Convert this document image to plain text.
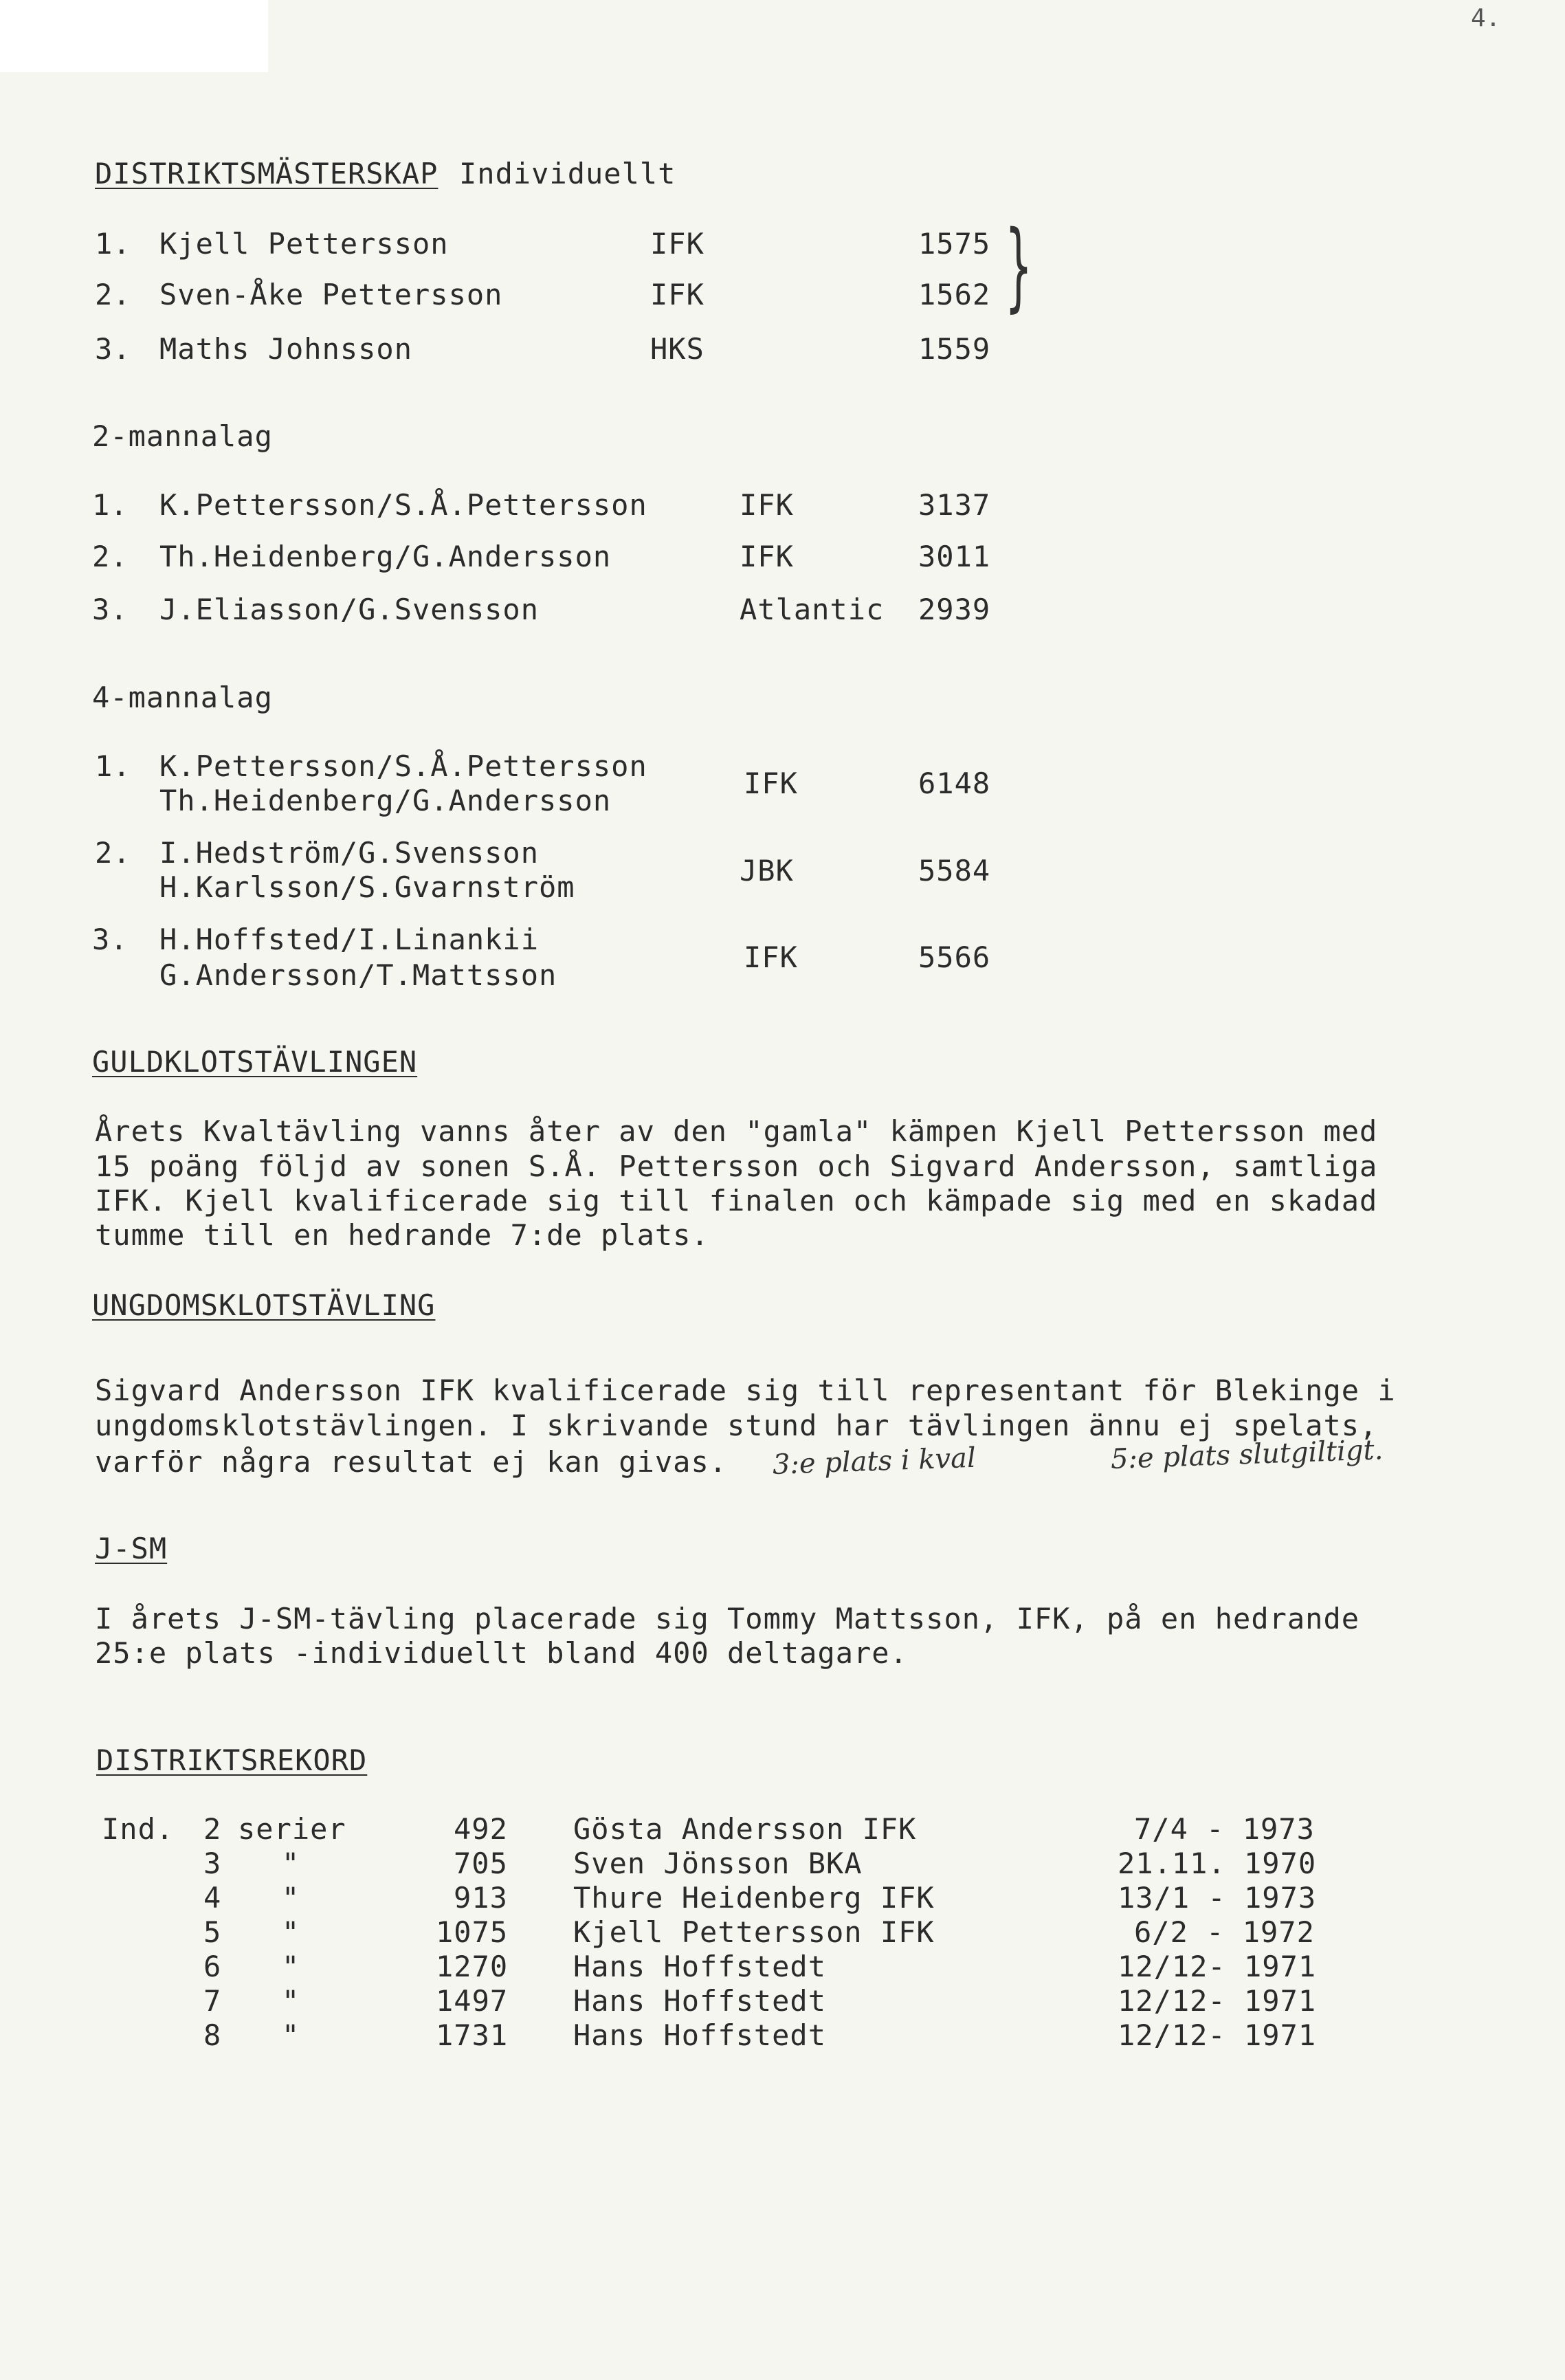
4.
DISTRIKTSMÄSTERSKAP Individuellt
1. Kjell Pettersson	IFK	1575
2. Sven-Åke Pettersson	IFK	1562
3. Maths Johnsson	HKS	1559
}
2-mannalag
1. K.Pettersson/S.Å.Pettersson	IFK	3137
2. Th.Heidenberg/G.Andersson	IFK	3011
3. J.Eliasson/G.Svensson	Atlantic 2939
4-mannalag
1. K.Pettersson/S.Å.Pettersson
Th.Heidenberg/G.Andersson
IFK	6148
2. I.Hedström/G.Svensson
H.Karlsson/S.Gvarnström	JBK	5584
3. H.Hoffsted/I.Linankii
G.Andersson/T.Mattsson
IFK	5566
GULDKLOTSTÄVLINGEN
Årets Kvaltävling vanns åter av den "gamla" kämpen Kjell Pettersson med
15 poäng följd av sonen S.Å. Pettersson och Sigvard Andersson, samtliga
IFK. Kjell kvalificerade sig till finalen och kämpade sig med en skadad
tumme till en hedrande 7:de plats.
UNGDOMSKLOTSTÄVLING
Sigvard Andersson IFK kvalificerade sig till representant för Blekinge i
ungdomsklotstävlingen. I skrivande stund har tävlingen ännu ej spelats,
varför några resultat ej kan givas. 3:e plats i kval	5:e plats slutgiltigt.
J-SM
I årets J-SM-tävling placerade sig Tommy Mattsson, IFK, på en hedrande
25:e plats -individuellt bland 400 deltagare.
DISTRIKTSREKORD
Ind. 2 serier	492 Gösta Andersson IFK	7/4 - 1973
3 "	705 Sven Jönsson BKA	21.11. 1970
4 "	913 Thure Heidenberg IFK	13/1 - 1973
5 "	1075 Kjell Pettersson IFK	6/2 - 1972
6 "	1270 Hans Hoffstedt	12/12- 1971
7 "	1497 Hans Hoffstedt	12/12- 1971
8 "	1731 Hans Hoffstedt	12/12- 1971
